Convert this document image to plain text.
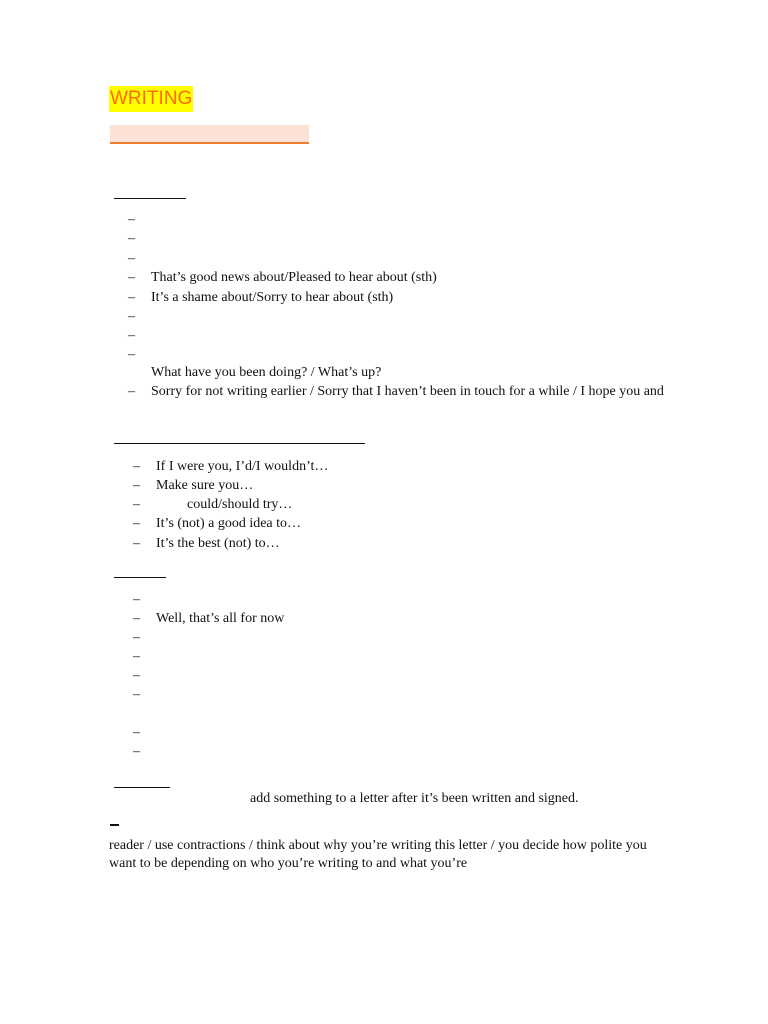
WRITING
–
–
–
– That’s good news about/Pleased to hear about (sth)
– It’s a shame about/Sorry to hear about (sth)
–
–
–
What have you been doing? / What’s up?
– Sorry for not writing earlier / Sorry that I haven’t been in touch for a while / I hope you and
– If I were you, I’d/I wouldn’t…
– Make sure you…
–	could/should try…
– It’s (not) a good idea to…
– It’s the best (not) to…
–
– Well, that’s all for now
–
–
–
–
–
–
add something to a letter after it’s been written and signed.
reader / use contractions / think about why you’re writing this letter / you decide how polite you
want to be depending on who you’re writing to and what you’re
